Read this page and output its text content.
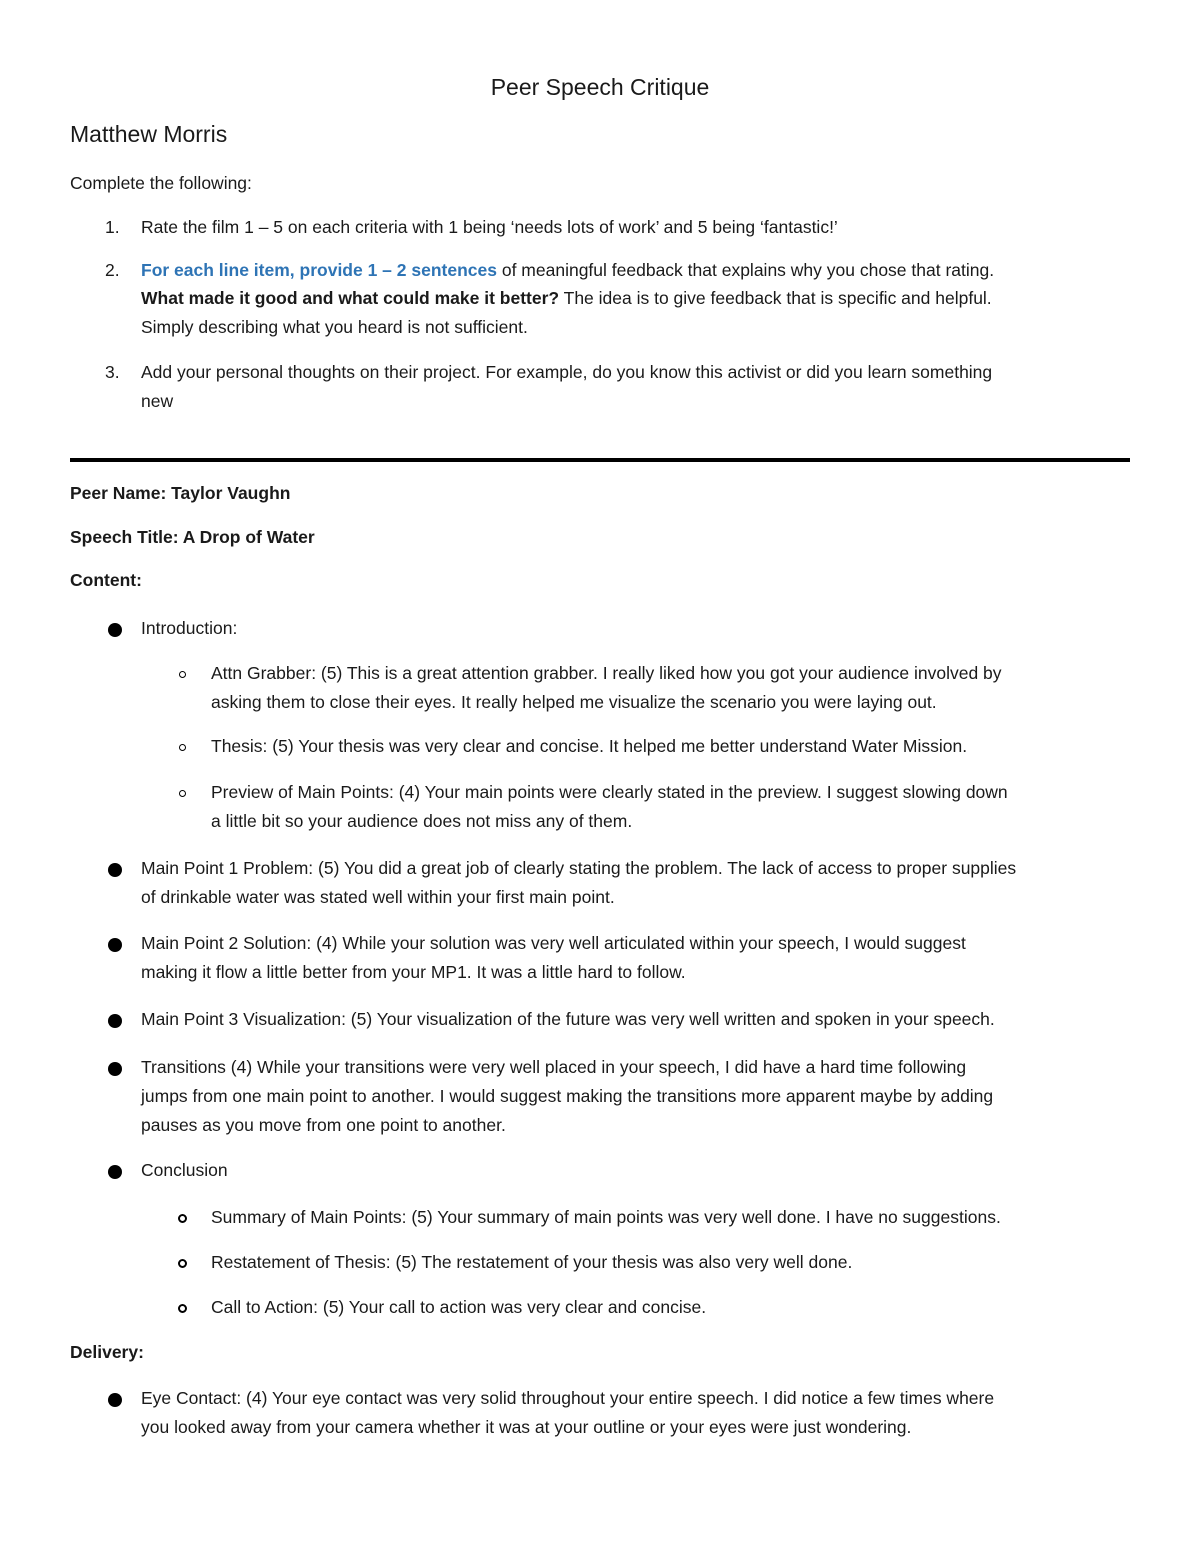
Peer Speech Critique
Matthew Morris
Complete the following:
1. Rate the film 1 – 5 on each criteria with 1 being ‘needs lots of work’ and 5 being ‘fantastic!’
2. For each line item, provide 1 – 2 sentences of meaningful feedback that explains why you chose that rating.
What made it good and what could make it better? The idea is to give feedback that is specific and helpful.
Simply describing what you heard is not sufficient.
3. Add your personal thoughts on their project. For example, do you know this activist or did you learn something
new
Peer Name: Taylor Vaughn
Speech Title: A Drop of Water
Content:
Introduction:
Attn Grabber: (5) This is a great attention grabber. I really liked how you got your audience involved by
asking them to close their eyes. It really helped me visualize the scenario you were laying out.
Thesis: (5) Your thesis was very clear and concise. It helped me better understand Water Mission.
Preview of Main Points: (4) Your main points were clearly stated in the preview. I suggest slowing down
a little bit so your audience does not miss any of them.
Main Point 1 Problem: (5) You did a great job of clearly stating the problem. The lack of access to proper supplies
of drinkable water was stated well within your first main point.
Main Point 2 Solution: (4) While your solution was very well articulated within your speech, I would suggest
making it flow a little better from your MP1. It was a little hard to follow.
Main Point 3 Visualization: (5) Your visualization of the future was very well written and spoken in your speech.
Transitions (4) While your transitions were very well placed in your speech, I did have a hard time following
jumps from one main point to another. I would suggest making the transitions more apparent maybe by adding
pauses as you move from one point to another.
Conclusion
Summary of Main Points: (5) Your summary of main points was very well done. I have no suggestions.
Restatement of Thesis: (5) The restatement of your thesis was also very well done.
Call to Action: (5) Your call to action was very clear and concise.
Delivery:
Eye Contact: (4) Your eye contact was very solid throughout your entire speech. I did notice a few times where
you looked away from your camera whether it was at your outline or your eyes were just wondering.
